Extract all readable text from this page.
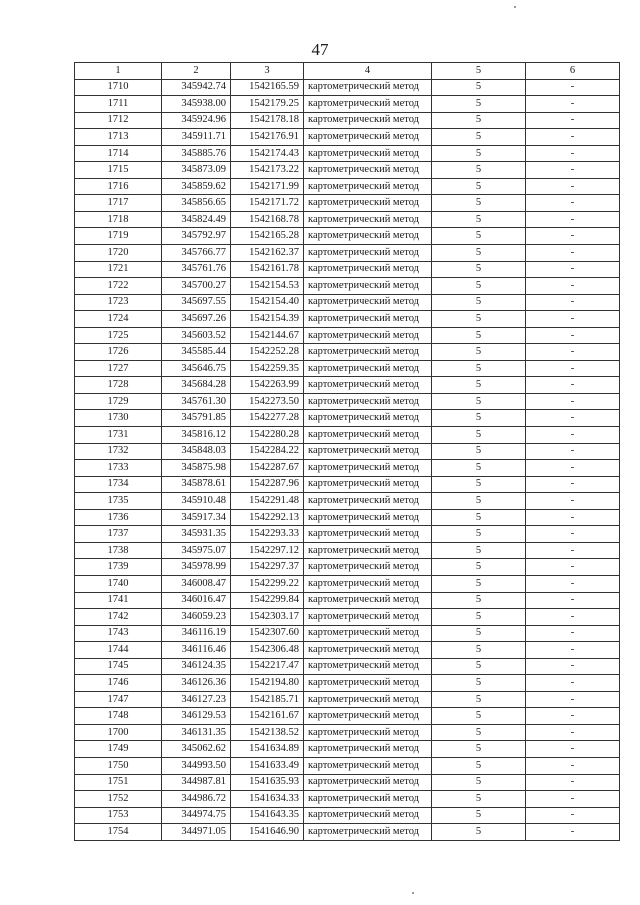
47
1	2	3	4	5	6
1710	345942.74	1542165.59	картометрический метод	5	-
1711	345938.00	1542179.25	картометрический метод	5	-
1712	345924.96	1542178.18	картометрический метод	5	-
1713	345911.71	1542176.91	картометрический метод	5	-
1714	345885.76	1542174.43	картометрический метод	5	-
1715	345873.09	1542173.22	картометрический метод	5	-
1716	345859.62	1542171.99	картометрический метод	5	-
1717	345856.65	1542171.72	картометрический метод	5	-
1718	345824.49	1542168.78	картометрический метод	5	-
1719	345792.97	1542165.28	картометрический метод	5	-
1720	345766.77	1542162.37	картометрический метод	5	-
1721	345761.76	1542161.78	картометрический метод	5	-
1722	345700.27	1542154.53	картометрический метод	5	-
1723	345697.55	1542154.40	картометрический метод	5	-
1724	345697.26	1542154.39	картометрический метод	5	-
1725	345603.52	1542144.67	картометрический метод	5	-
1726	345585.44	1542252.28	картометрический метод	5	-
1727	345646.75	1542259.35	картометрический метод	5	-
1728	345684.28	1542263.99	картометрический метод	5	-
1729	345761.30	1542273.50	картометрический метод	5	-
1730	345791.85	1542277.28	картометрический метод	5	-
1731	345816.12	1542280.28	картометрический метод	5	-
1732	345848.03	1542284.22	картометрический метод	5	-
1733	345875.98	1542287.67	картометрический метод	5	-
1734	345878.61	1542287.96	картометрический метод	5	-
1735	345910.48	1542291.48	картометрический метод	5	-
1736	345917.34	1542292.13	картометрический метод	5	-
1737	345931.35	1542293.33	картометрический метод	5	-
1738	345975.07	1542297.12	картометрический метод	5	-
1739	345978.99	1542297.37	картометрический метод	5	-
1740	346008.47	1542299.22	картометрический метод	5	-
1741	346016.47	1542299.84	картометрический метод	5	-
1742	346059.23	1542303.17	картометрический метод	5	-
1743	346116.19	1542307.60	картометрический метод	5	-
1744	346116.46	1542306.48	картометрический метод	5	-
1745	346124.35	1542217.47	картометрический метод	5	-
1746	346126.36	1542194.80	картометрический метод	5	-
1747	346127.23	1542185.71	картометрический метод	5	-
1748	346129.53	1542161.67	картометрический метод	5	-
1700	346131.35	1542138.52	картометрический метод	5	-
1749	345062.62	1541634.89	картометрический метод	5	-
1750	344993.50	1541633.49	картометрический метод	5	-
1751	344987.81	1541635.93	картометрический метод	5	-
1752	344986.72	1541634.33	картометрический метод	5	-
1753	344974.75	1541643.35	картометрический метод	5	-
1754	344971.05	1541646.90	картометрический метод	5	-
